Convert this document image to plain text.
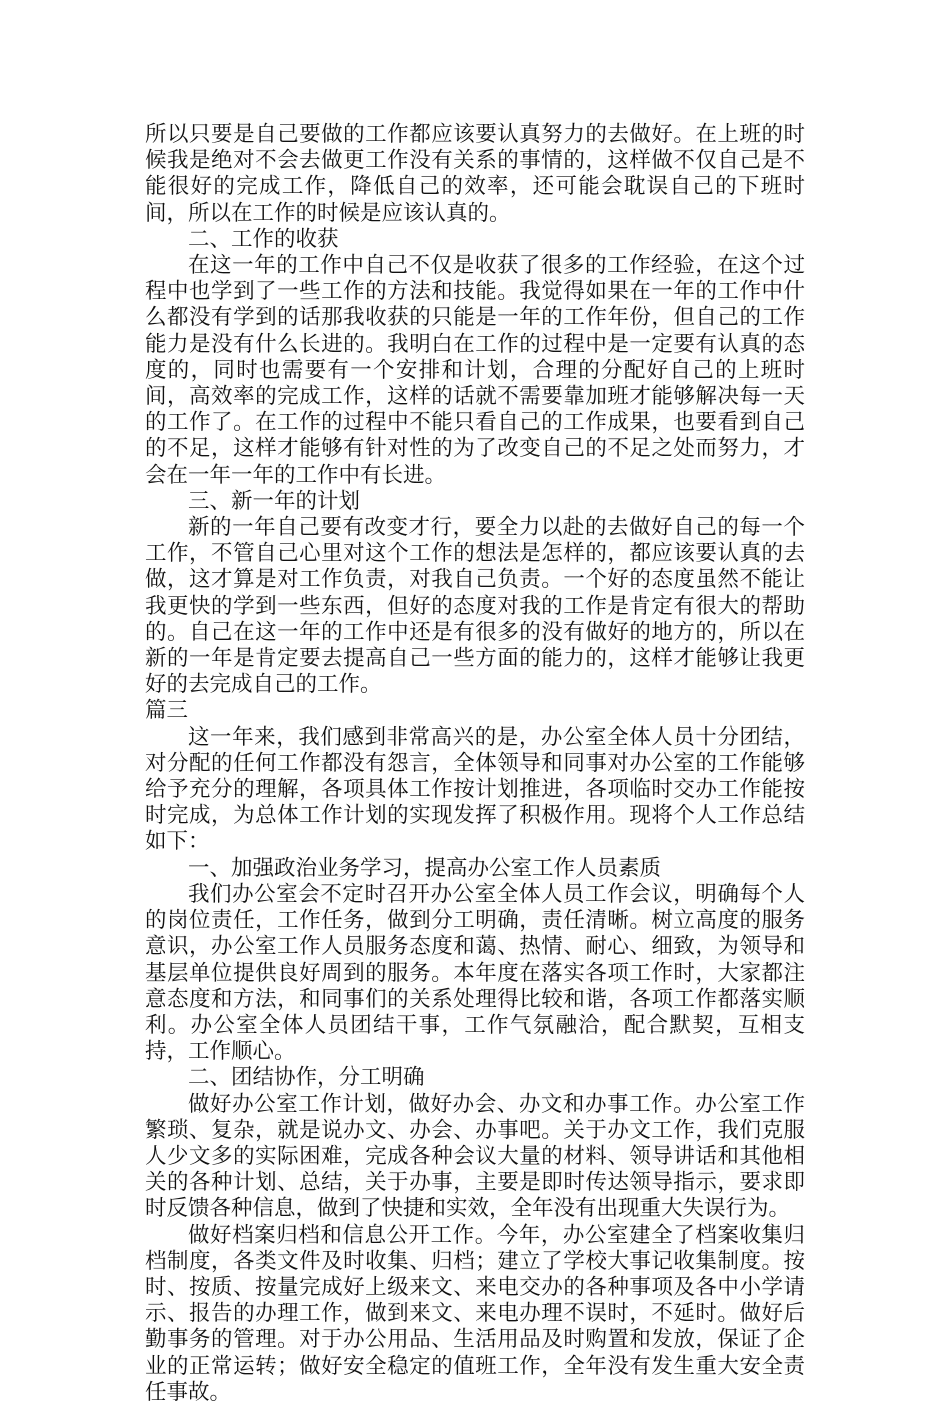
所以只要是自己要做的工作都应该要认真努力的去做好。在上班的时候我是绝对不会去做更工作没有关系的事情的，这样做不仅自己是不能很好的完成工作，降低自己的效率，还可能会耽误自己的下班时间，所以在工作的时候是应该认真的。

二、工作的收获

在这一年的工作中自己不仅是收获了很多的工作经验，在这个过程中也学到了一些工作的方法和技能。我觉得如果在一年的工作中什么都没有学到的话那我收获的只能是一年的工作年份，但自己的工作能力是没有什么长进的。我明白在工作的过程中是一定要有认真的态度的，同时也需要有一个安排和计划，合理的分配好自己的上班时间，高效率的完成工作，这样的话就不需要靠加班才能够解决每一天的工作了。在工作的过程中不能只看自己的工作成果，也要看到自己的不足，这样才能够有针对性的为了改变自己的不足之处而努力，才会在一年一年的工作中有长进。

三、新一年的计划

新的一年自己要有改变才行，要全力以赴的去做好自己的每一个工作，不管自己心里对这个工作的想法是怎样的，都应该要认真的去做，这才算是对工作负责，对我自己负责。一个好的态度虽然不能让我更快的学到一些东西，但好的态度对我的工作是肯定有很大的帮助的。自己在这一年的工作中还是有很多的没有做好的地方的，所以在新的一年是肯定要去提高自己一些方面的能力的，这样才能够让我更好的去完成自己的工作。

篇三

这一年来，我们感到非常高兴的是，办公室全体人员十分团结，对分配的任何工作都没有怨言，全体领导和同事对办公室的工作能够给予充分的理解，各项具体工作按计划推进，各项临时交办工作能按时完成，为总体工作计划的实现发挥了积极作用。现将个人工作总结如下：

一、加强政治业务学习，提高办公室工作人员素质

我们办公室会不定时召开办公室全体人员工作会议，明确每个人的岗位责任，工作任务，做到分工明确，责任清晰。树立高度的服务意识，办公室工作人员服务态度和蔼、热情、耐心、细致，为领导和基层单位提供良好周到的服务。本年度在落实各项工作时，大家都注意态度和方法，和同事们的关系处理得比较和谐，各项工作都落实顺利。办公室全体人员团结干事，工作气氛融洽，配合默契，互相支持，工作顺心。

二、团结协作，分工明确

做好办公室工作计划，做好办会、办文和办事工作。办公室工作繁琐、复杂，就是说办文、办会、办事吧。关于办文工作，我们克服人少文多的实际困难，完成各种会议大量的材料、领导讲话和其他相关的各种计划、总结，关于办事，主要是即时传达领导指示，要求即时反馈各种信息，做到了快捷和实效，全年没有出现重大失误行为。

做好档案归档和信息公开工作。今年，办公室建全了档案收集归档制度，各类文件及时收集、归档；建立了学校大事记收集制度。按时、按质、按量完成好上级来文、来电交办的各种事项及各中小学请示、报告的办理工作，做到来文、来电办理不误时，不延时。做好后勤事务的管理。对于办公用品、生活用品及时购置和发放，保证了企业的正常运转；做好安全稳定的值班工作，全年没有发生重大安全责任事故。
